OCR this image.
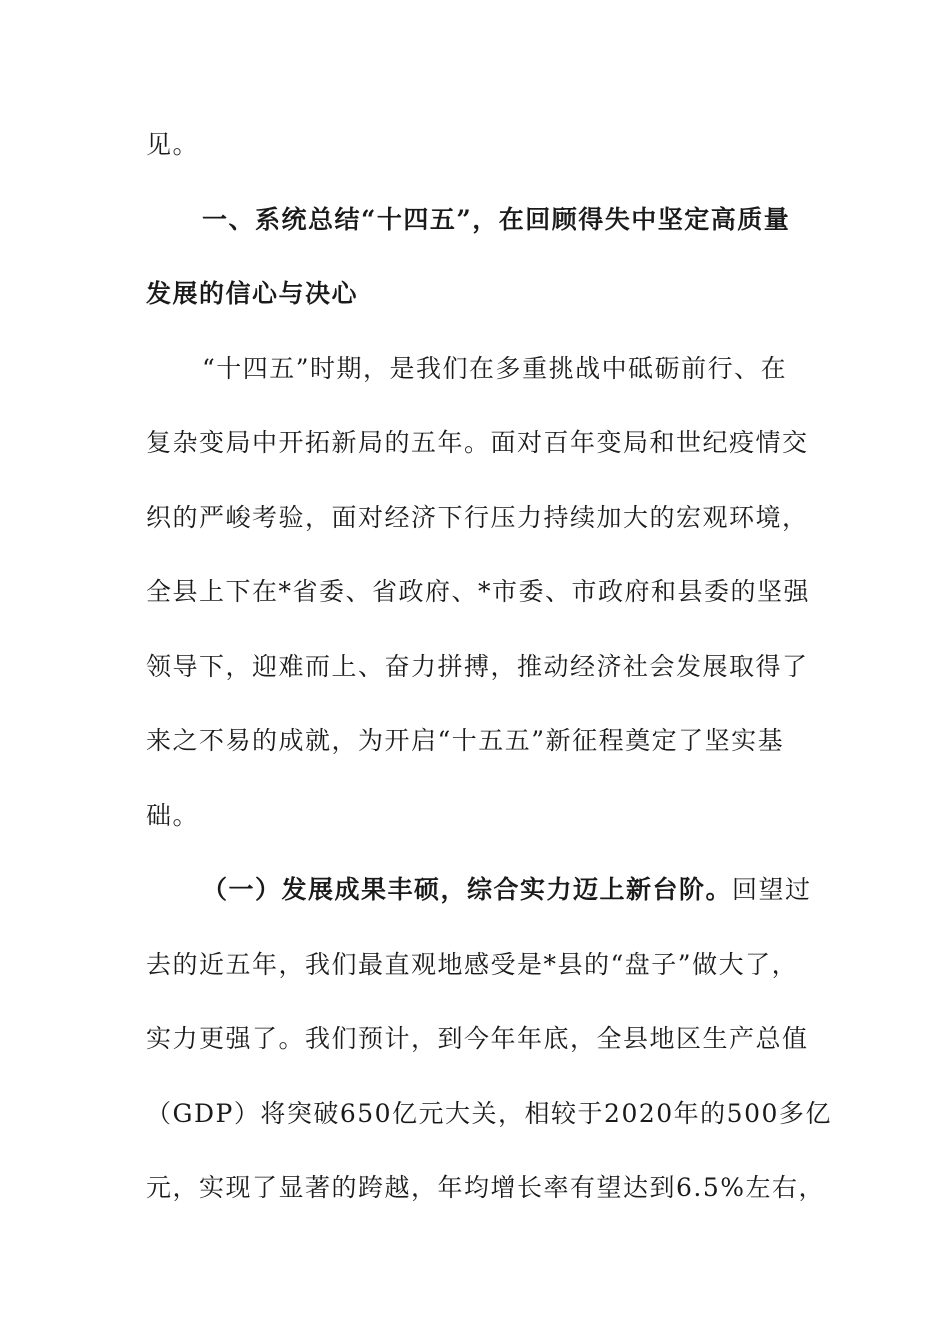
见。
一、系统总结“十四五”，在回顾得失中坚定高质量
发展的信心与决心
“十四五”时期，是我们在多重挑战中砥砺前行、在
复杂变局中开拓新局的五年。面对百年变局和世纪疫情交
织的严峻考验，面对经济下行压力持续加大的宏观环境，
全县上下在*省委、省政府、*市委、市政府和县委的坚强
领导下，迎难而上、奋力拼搏，推动经济社会发展取得了
来之不易的成就，为开启“十五五”新征程奠定了坚实基
础。
（一）发展成果丰硕，综合实力迈上新台阶。回望过
去的近五年，我们最直观地感受是*县的“盘子”做大了，
实力更强了。我们预计，到今年年底，全县地区生产总值
（GDP）将突破650亿元大关，相较于2020年的500多亿
元，实现了显著的跨越，年均增长率有望达到6.5%左右，
